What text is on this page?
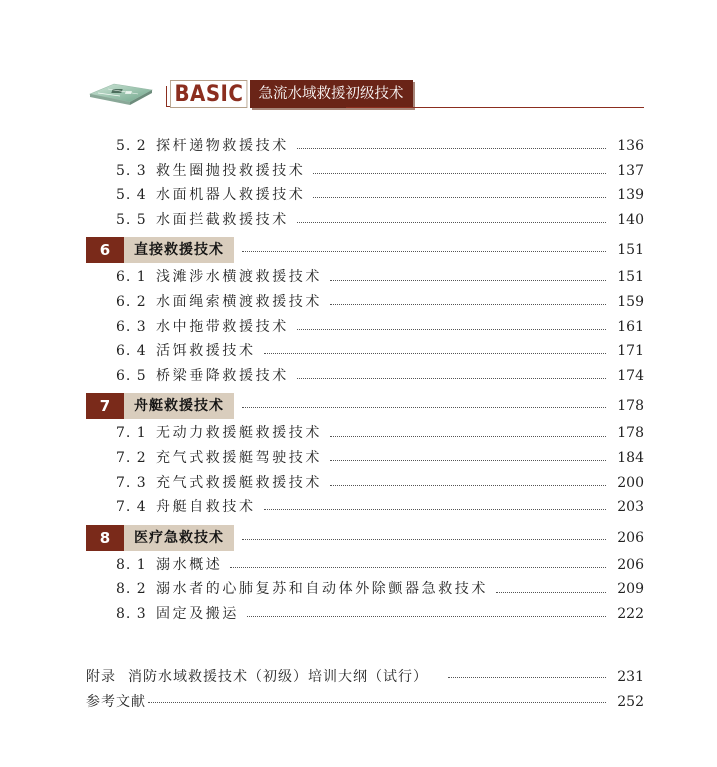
BASIC	急流水域救援初级技术
5. 2 探杆递物救援技术	136
5. 3 救生圈抛投救援技术	137
5. 4 水面机器人救援技术	139
5. 5 水面拦截救援技术	140
6	直接救援技术	151
6. 1 浅滩涉水横渡救援技术	151
6. 2 水面绳索横渡救援技术	159
6. 3 水中拖带救援技术	161
6. 4 活饵救援技术	171
6. 5 桥梁垂降救援技术	174
7	舟艇救援技术	178
7. 1 无动力救援艇救援技术	178
7. 2 充气式救援艇驾驶技术	184
7. 3 充气式救援艇救援技术	200
7. 4 舟艇自救技术	203
8	医疗急救技术	206
8. 1 溺水概述	206
8. 2 溺水者的心肺复苏和自动体外除颤器急救技术	209
8. 3 固定及搬运	222
附录 消防水域救援技术（初级）培训大纲（试行）	231
参考文献	252
